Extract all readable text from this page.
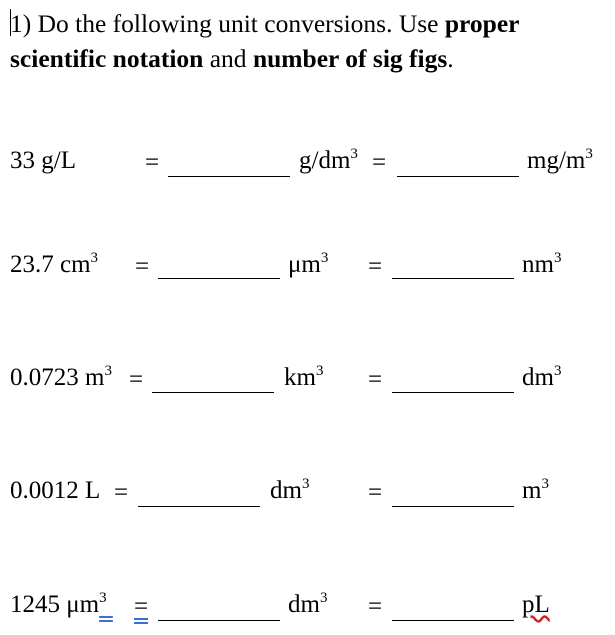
1) Do the following unit conversions. Use proper
scientific notation and number of sig figs.
33 g/L	=	$g/dm^3$ =	$mg/m^3$
23.7 $cm^3$ =	$\mu m^3$ =	$nm^3$
0.0723 $m^3$ =	$km^3$ =	$dm^3$
0.0012 L =	$dm^3$ =	$m^3$
1245 $\mu m^3$ =	$dm^3$ =	pL
